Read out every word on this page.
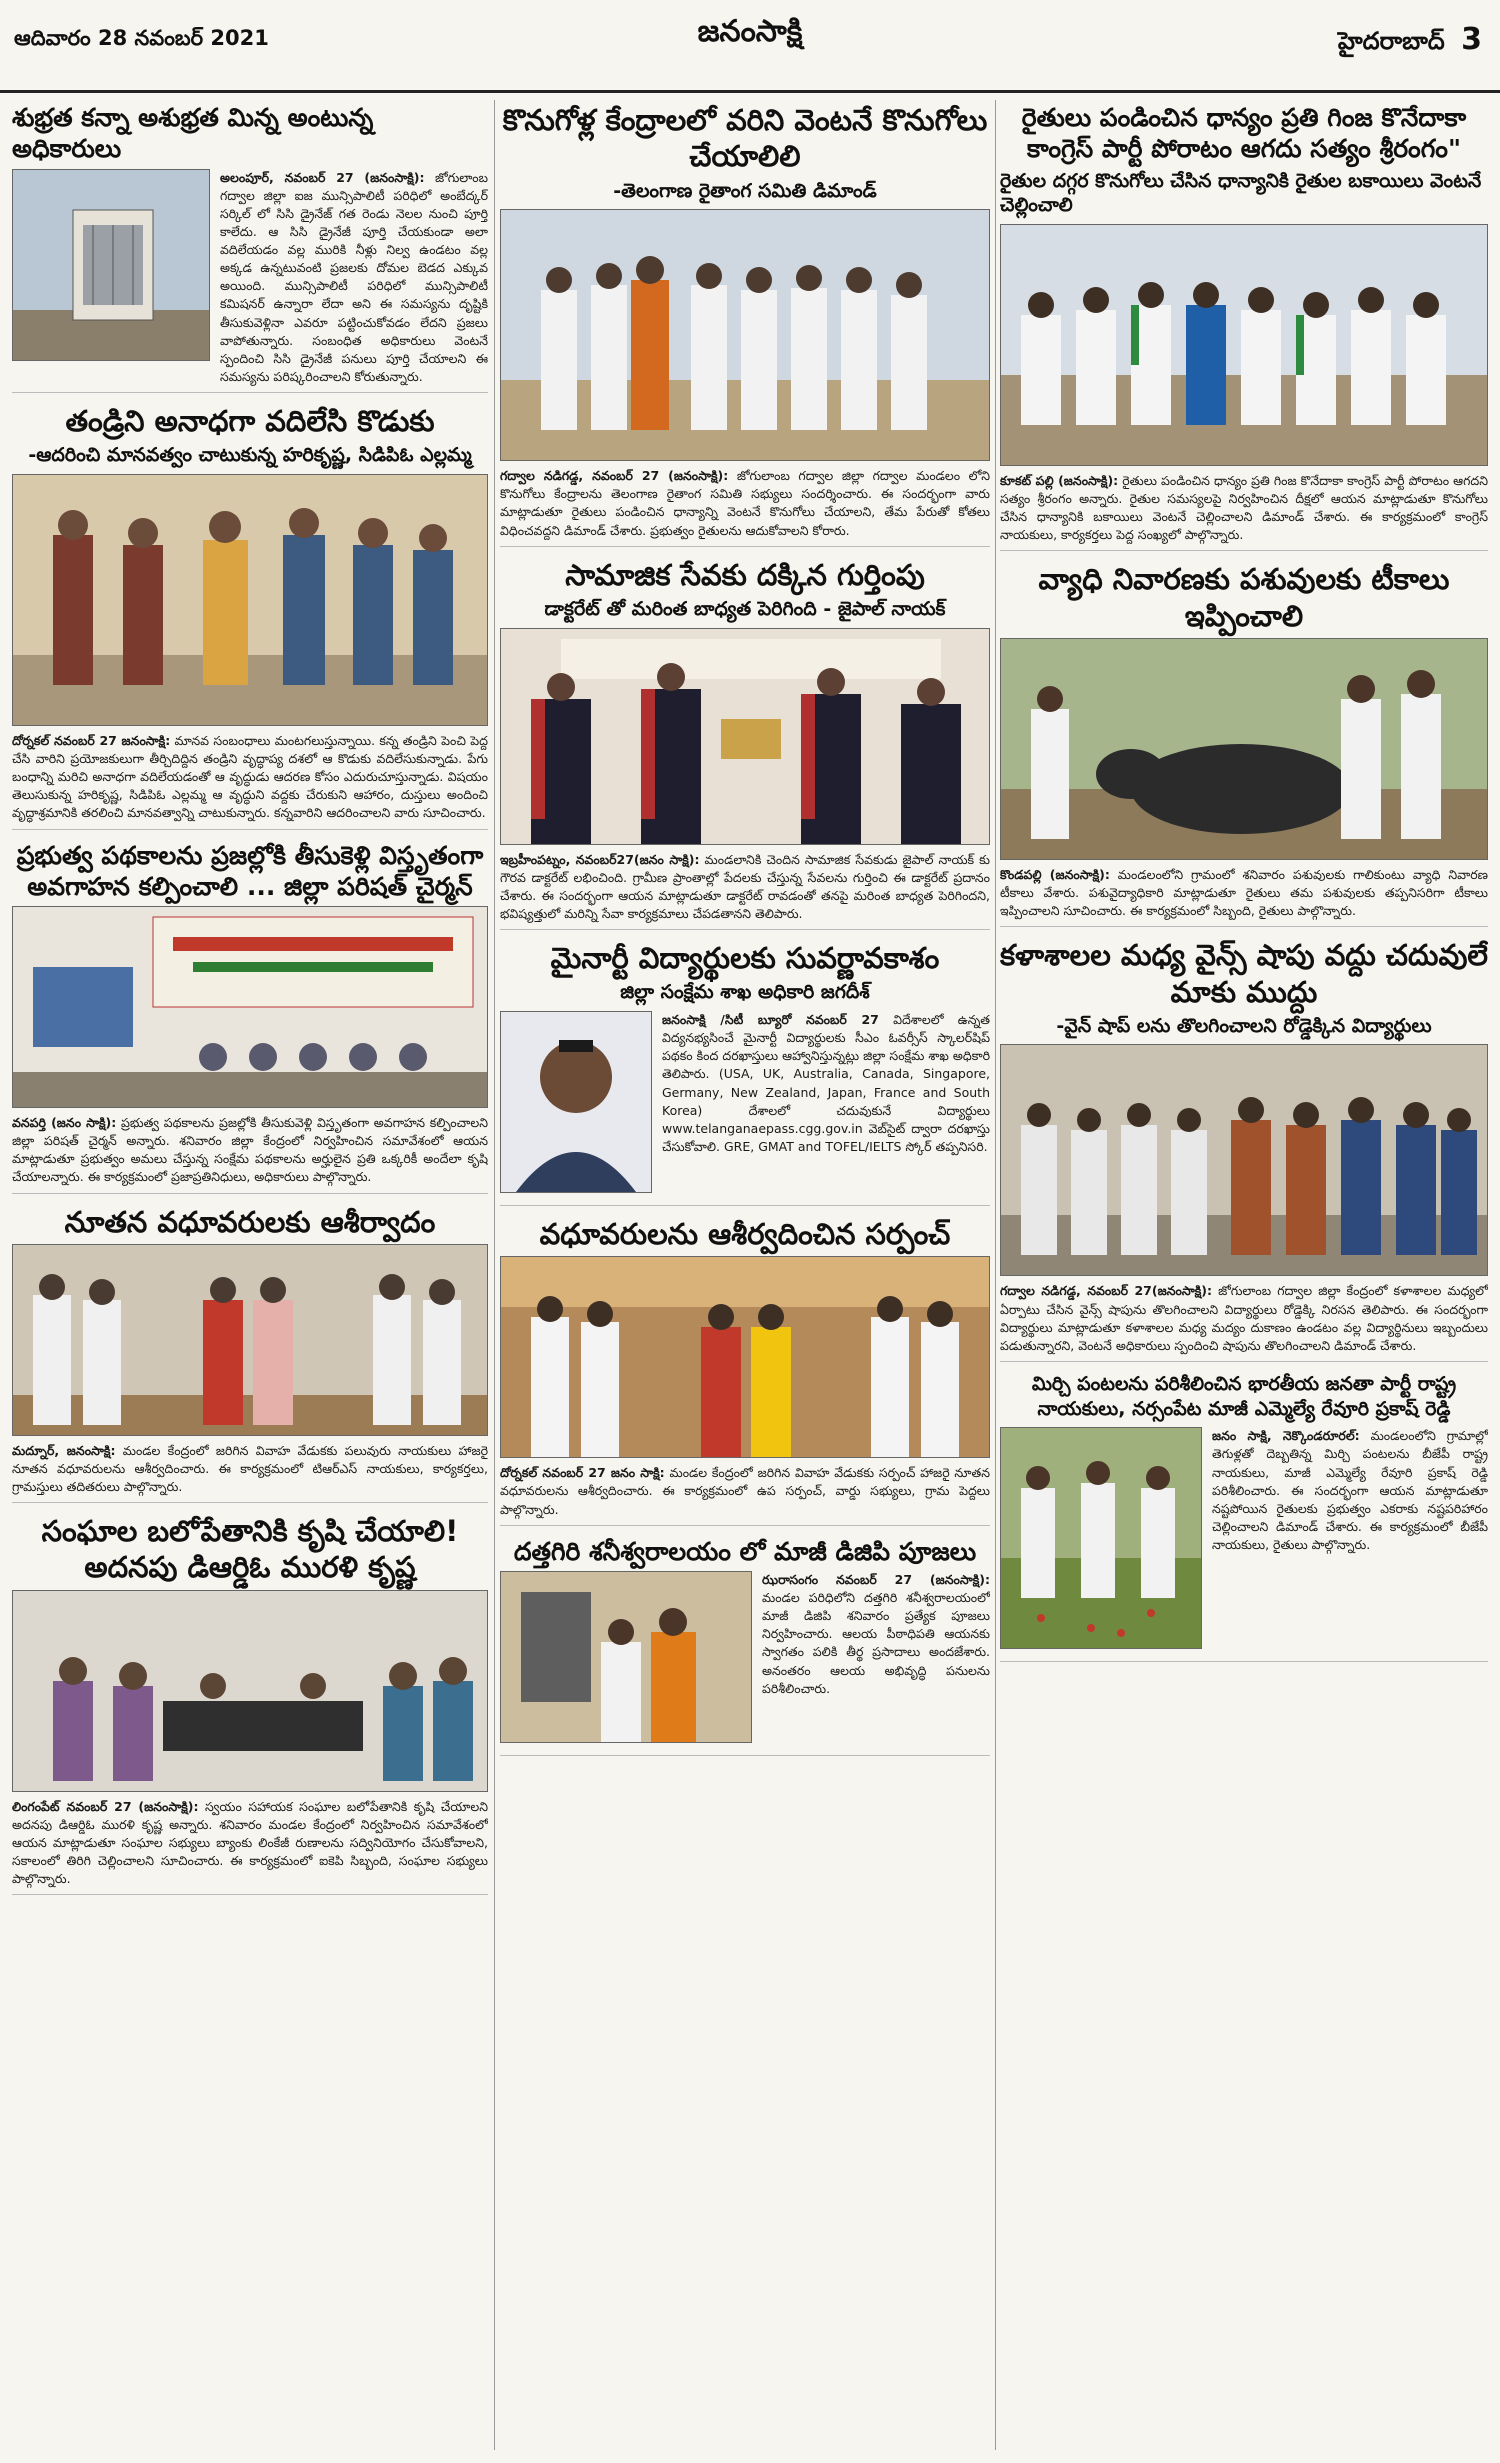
ఆదివారం 28 నవంబర్ 2021	జనంసాక్షి	హైదరాబాద్ 3
శుభ్రత కన్నా అశుభ్రత మిన్న అంటున్న అధికారులు

అలంపూర్‌, నవంబర్‌ 27 (జనంసాక్షి): జోగులాంబ గద్వాల జిల్లా ఐజ మున్సిపాలిటీ పరిధిలో అంబేద్కర్‌ సర్కిల్‌ లో సిసి డ్రైనేజ్‌ గత రెండు నెలల నుంచి పూర్తి కాలేదు. ఆ సిసి డ్రైనేజీ పూర్తి చేయకుండా అలా వదిలేయడం వల్ల మురికి నీళ్లు నిల్వ ఉండటం వల్ల అక్కడ ఉన్నటువంటి ప్రజలకు దోమల బెడద ఎక్కువ అయింది. మున్సిపాలిటీ పరిధిలో మున్సిపాలిటీ కమిషనర్‌ ఉన్నారా లేదా అని ఈ సమస్యను దృష్టికి తీసుకువెళ్లినా ఎవరూ పట్టించుకోవడం లేదని ప్రజలు వాపోతున్నారు. సంబంధిత అధికారులు వెంటనే స్పందించి సిసి డ్రైనేజీ పనులు పూర్తి చేయాలని ఈ సమస్యను పరిష్కరించాలని కోరుతున్నారు.

తండ్రిని అనాధగా వదిలేసి కొడుకు
-ఆదరించి మానవత్వం చాటుకున్న హరికృష్ణ, సిడిపిఓ ఎల్లమ్మ

దోర్నకల్‌ నవంబర్‌ 27 జనంసాక్షి: మానవ సంబంధాలు మంటగలుస్తున్నాయి. కన్న తండ్రిని పెంచి పెద్ద చేసి వారిని ప్రయోజకులుగా తీర్చిదిద్దిన తండ్రిని వృద్ధాప్య దశలో ఆ కొడుకు వదిలేసుకున్నాడు. పేగు బంధాన్ని మరిచి అనాధగా వదిలేయడంతో ఆ వృద్ధుడు ఆదరణ కోసం ఎదురుచూస్తున్నాడు. విషయం తెలుసుకున్న హరికృష్ణ, సిడిపిఓ ఎల్లమ్మ ఆ వృద్ధుని వద్దకు చేరుకుని ఆహారం, దుస్తులు అందించి వృద్ధాశ్రమానికి తరలించి మానవత్వాన్ని చాటుకున్నారు. కన్నవారిని ఆదరించాలని వారు సూచించారు.

ప్రభుత్వ పథకాలను ప్రజల్లోకి తీసుకెళ్లి విస్తృతంగా అవగాహన కల్పించాలి ... జిల్లా పరిషత్‌ చైర్మన్‌

వనపర్తి (జనం సాక్షి): ప్రభుత్వ పథకాలను ప్రజల్లోకి తీసుకువెళ్లి విస్తృతంగా అవగాహన కల్పించాలని జిల్లా పరిషత్‌ చైర్మన్‌ అన్నారు. శనివారం జిల్లా కేంద్రంలో నిర్వహించిన సమావేశంలో ఆయన మాట్లాడుతూ ప్రభుత్వం అమలు చేస్తున్న సంక్షేమ పథకాలను అర్హులైన ప్రతి ఒక్కరికీ అందేలా కృషి చేయాలన్నారు. ఈ కార్యక్రమంలో ప్రజాప్రతినిధులు, అధికారులు పాల్గొన్నారు.

నూతన వధూవరులకు ఆశీర్వాదం

మద్నూర్‌, జనంసాక్షి: మండల కేంద్రంలో జరిగిన వివాహ వేడుకకు పలువురు నాయకులు హాజరై నూతన వధూవరులను ఆశీర్వదించారు. ఈ కార్యక్రమంలో టిఆర్‌ఎస్‌ నాయకులు, కార్యకర్తలు, గ్రామస్తులు తదితరులు పాల్గొన్నారు.

సంఘాల బలోపేతానికి కృషి చేయాలి! అదనపు డిఆర్డిఓ మురళి కృష్ణ

లింగంపేట్‌ నవంబర్‌ 27 (జనంసాక్షి): స్వయం సహాయక సంఘాల బలోపేతానికి కృషి చేయాలని అదనపు డిఆర్డిఓ మురళి కృష్ణ అన్నారు. శనివారం మండల కేంద్రంలో నిర్వహించిన సమావేశంలో ఆయన మాట్లాడుతూ సంఘాల సభ్యులు బ్యాంకు లింకేజీ రుణాలను సద్వినియోగం చేసుకోవాలని, సకాలంలో తిరిగి చెల్లించాలని సూచించారు. ఈ కార్యక్రమంలో ఐకెపి సిబ్బంది, సంఘాల సభ్యులు పాల్గొన్నారు.

కొనుగోళ్ల కేంద్రాలలో వరిని వెంటనే కొనుగోలు చేయాలిలి
-తెలంగాణ రైతాంగ సమితి డిమాండ్‌

గద్వాల నడిగడ్డ, నవంబర్‌ 27 (జనంసాక్షి): జోగులాంబ గద్వాల జిల్లా గద్వాల మండలం లోని కొనుగోలు కేంద్రాలను తెలంగాణ రైతాంగ సమితి సభ్యులు సందర్శించారు. ఈ సందర్భంగా వారు మాట్లాడుతూ రైతులు పండించిన ధాన్యాన్ని వెంటనే కొనుగోలు చేయాలని, తేమ పేరుతో కోతలు విధించవద్దని డిమాండ్‌ చేశారు. ప్రభుత్వం రైతులను ఆదుకోవాలని కోరారు.

సామాజిక సేవకు దక్కిన గుర్తింపు
డాక్టరేట్‌ తో మరింత బాధ్యత పెరిగింది - జైపాల్‌ నాయక్‌

ఇబ్రహీంపట్నం, నవంబర్‌27(జనం సాక్షి): మండలానికి చెందిన సామాజిక సేవకుడు జైపాల్‌ నాయక్‌ కు గౌరవ డాక్టరేట్‌ లభించింది. గ్రామీణ ప్రాంతాల్లో పేదలకు చేస్తున్న సేవలను గుర్తించి ఈ డాక్టరేట్‌ ప్రదానం చేశారు. ఈ సందర్భంగా ఆయన మాట్లాడుతూ డాక్టరేట్‌ రావడంతో తనపై మరింత బాధ్యత పెరిగిందని, భవిష్యత్తులో మరిన్ని సేవా కార్యక్రమాలు చేపడతానని తెలిపారు.

మైనార్టీ విద్యార్థులకు సువర్ణావకాశం
జిల్లా సంక్షేమ శాఖ అధికారి జగదీశ్‌

జనంసాక్షి /సిటీ బ్యూరో నవంబర్‌ 27 విదేశాలలో ఉన్నత విద్యనభ్యసించే మైనార్టీ విద్యార్థులకు సీఎం ఓవర్సీస్‌ స్కాలర్‌షిప్‌ పథకం కింద దరఖాస్తులు ఆహ్వానిస్తున్నట్లు జిల్లా సంక్షేమ శాఖ అధికారి తెలిపారు. (USA, UK, Australia, Canada, Singapore, Germany, New Zealand, Japan, France and South Korea) దేశాలలో చదువుకునే విద్యార్థులు www.telanganaepass.cgg.gov.in వెబ్‌సైట్‌ ద్వారా దరఖాస్తు చేసుకోవాలి. GRE, GMAT and TOFEL/IELTS స్కోర్‌ తప్పనిసరి.

వధూవరులను ఆశీర్వదించిన సర్పంచ్‌

దోర్నకల్‌ నవంబర్‌ 27 జనం సాక్షి: మండల కేంద్రంలో జరిగిన వివాహ వేడుకకు సర్పంచ్‌ హాజరై నూతన వధూవరులను ఆశీర్వదించారు. ఈ కార్యక్రమంలో ఉప సర్పంచ్‌, వార్డు సభ్యులు, గ్రామ పెద్దలు పాల్గొన్నారు.

దత్తగిరి శనీశ్వరాలయం లో మాజీ డిజిపి పూజలు

ఝరాసంగం నవంబర్‌ 27 (జనంసాక్షి): మండల పరిధిలోని దత్తగిరి శనీశ్వరాలయంలో మాజీ డిజిపి శనివారం ప్రత్యేక పూజలు నిర్వహించారు. ఆలయ పీఠాధిపతి ఆయనకు స్వాగతం పలికి తీర్థ ప్రసాదాలు అందజేశారు. అనంతరం ఆలయ అభివృద్ధి పనులను పరిశీలించారు.

రైతులు పండించిన ధాన్యం ప్రతి గింజ కొనేదాకా కాంగ్రెస్‌ పార్టీ పోరాటం ఆగదు సత్యం శ్రీరంగం"
రైతుల దగ్గర కొనుగోలు చేసిన ధాన్యానికి రైతుల బకాయిలు వెంటనే చెల్లించాలి

కూకట్‌ పల్లి (జనంసాక్షి): రైతులు పండించిన ధాన్యం ప్రతి గింజ కొనేదాకా కాంగ్రెస్‌ పార్టీ పోరాటం ఆగదని సత్యం శ్రీరంగం అన్నారు. రైతుల సమస్యలపై నిర్వహించిన దీక్షలో ఆయన మాట్లాడుతూ కొనుగోలు చేసిన ధాన్యానికి బకాయిలు వెంటనే చెల్లించాలని డిమాండ్‌ చేశారు. ఈ కార్యక్రమంలో కాంగ్రెస్‌ నాయకులు, కార్యకర్తలు పెద్ద సంఖ్యలో పాల్గొన్నారు.

వ్యాధి నివారణకు పశువులకు టీకాలు ఇప్పించాలి

కొండపల్లి (జనంసాక్షి): మండలంలోని గ్రామంలో శనివారం పశువులకు గాలికుంటు వ్యాధి నివారణ టీకాలు వేశారు. పశువైద్యాధికారి మాట్లాడుతూ రైతులు తమ పశువులకు తప్పనిసరిగా టీకాలు ఇప్పించాలని సూచించారు. ఈ కార్యక్రమంలో సిబ్బంది, రైతులు పాల్గొన్నారు.

కళాశాలల మధ్య వైన్స్‌ షాపు వద్దు చదువులే మాకు ముద్దు
-వైన్‌ షాప్‌ లను తొలగించాలని రోడ్డెక్కిన విద్యార్థులు

గద్వాల నడిగడ్డ, నవంబర్‌ 27(జనంసాక్షి): జోగులాంబ గద్వాల జిల్లా కేంద్రంలో కళాశాలల మధ్యలో ఏర్పాటు చేసిన వైన్స్‌ షాపును తొలగించాలని విద్యార్థులు రోడ్డెక్కి నిరసన తెలిపారు. ఈ సందర్భంగా విద్యార్థులు మాట్లాడుతూ కళాశాలల మధ్య మద్యం దుకాణం ఉండటం వల్ల విద్యార్థినులు ఇబ్బందులు పడుతున్నారని, వెంటనే అధికారులు స్పందించి షాపును తొలగించాలని డిమాండ్‌ చేశారు.

మిర్చి పంటలను పరిశీలించిన భారతీయ జనతా పార్టీ రాష్ట్ర నాయకులు, నర్సంపేట మాజీ ఎమ్మెల్యే రేవూరి ప్రకాష్‌ రెడ్డి

జనం సాక్షి, నెక్కొండరూరల్: మండలంలోని గ్రామాల్లో తెగుళ్లతో దెబ్బతిన్న మిర్చి పంటలను బీజేపీ రాష్ట్ర నాయకులు, మాజీ ఎమ్మెల్యే రేవూరి ప్రకాష్‌ రెడ్డి పరిశీలించారు. ఈ సందర్భంగా ఆయన మాట్లాడుతూ నష్టపోయిన రైతులకు ప్రభుత్వం ఎకరాకు నష్టపరిహారం చెల్లించాలని డిమాండ్‌ చేశారు. ఈ కార్యక్రమంలో బీజేపీ నాయకులు, రైతులు పాల్గొన్నారు.
